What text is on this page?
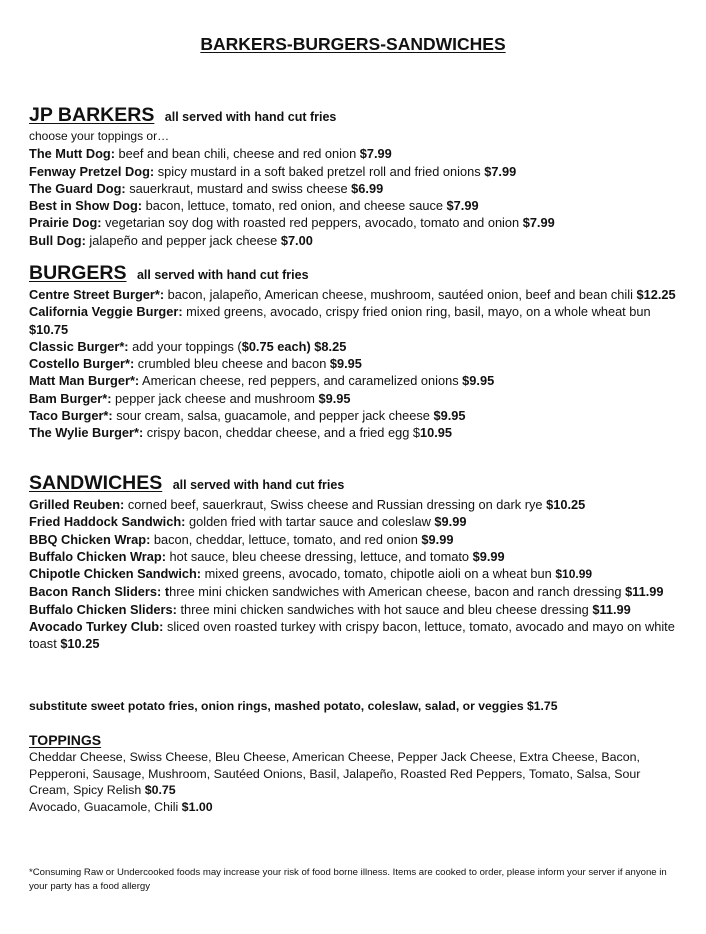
BARKERS-BURGERS-SANDWICHES
JP BARKERS all served with hand cut fries
choose your toppings or…
The Mutt Dog: beef and bean chili, cheese and red onion $7.99
Fenway Pretzel Dog: spicy mustard in a soft baked pretzel roll and fried onions $7.99
The Guard Dog: sauerkraut, mustard and swiss cheese $6.99
Best in Show Dog: bacon, lettuce, tomato, red onion, and cheese sauce $7.99
Prairie Dog: vegetarian soy dog with roasted red peppers, avocado, tomato and onion $7.99
Bull Dog: jalapeño and pepper jack cheese $7.00
BURGERS all served with hand cut fries
Centre Street Burger*: bacon, jalapeño, American cheese, mushroom, sautéed onion, beef and bean chili $12.25
California Veggie Burger: mixed greens, avocado, crispy fried onion ring, basil, mayo, on a whole wheat bun $10.75
Classic Burger*: add your toppings ($0.75 each) $8.25
Costello Burger*: crumbled bleu cheese and bacon $9.95
Matt Man Burger*: American cheese, red peppers, and caramelized onions $9.95
Bam Burger*: pepper jack cheese and mushroom $9.95
Taco Burger*: sour cream, salsa, guacamole, and pepper jack cheese $9.95
The Wylie Burger*: crispy bacon, cheddar cheese, and a fried egg $10.95
SANDWICHES all served with hand cut fries
Grilled Reuben: corned beef, sauerkraut, Swiss cheese and Russian dressing on dark rye $10.25
Fried Haddock Sandwich: golden fried with tartar sauce and coleslaw $9.99
BBQ Chicken Wrap: bacon, cheddar, lettuce, tomato, and red onion $9.99
Buffalo Chicken Wrap: hot sauce, bleu cheese dressing, lettuce, and tomato $9.99
Chipotle Chicken Sandwich: mixed greens, avocado, tomato, chipotle aioli on a wheat bun $10.99
Bacon Ranch Sliders: three mini chicken sandwiches with American cheese, bacon and ranch dressing $11.99
Buffalo Chicken Sliders: three mini chicken sandwiches with hot sauce and bleu cheese dressing $11.99
Avocado Turkey Club: sliced oven roasted turkey with crispy bacon, lettuce, tomato, avocado and mayo on white toast $10.25
substitute sweet potato fries, onion rings, mashed potato, coleslaw, salad, or veggies $1.75
TOPPINGS
Cheddar Cheese, Swiss Cheese, Bleu Cheese, American Cheese, Pepper Jack Cheese, Extra Cheese, Bacon, Pepperoni, Sausage, Mushroom, Sautéed Onions, Basil, Jalapeño, Roasted Red Peppers, Tomato, Salsa, Sour Cream, Spicy Relish $0.75
Avocado, Guacamole, Chili $1.00
*Consuming Raw or Undercooked foods may increase your risk of food borne illness. Items are cooked to order, please inform your server if anyone in your party has a food allergy
